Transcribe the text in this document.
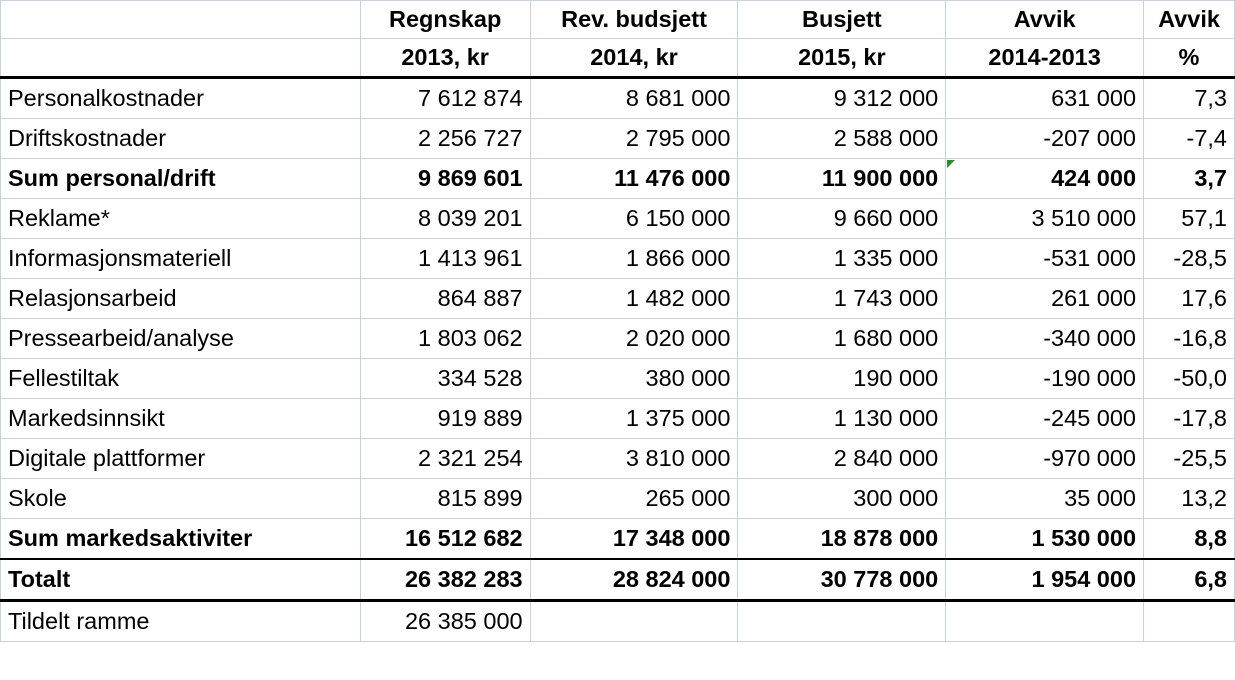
	Regnskap	Rev. budsjett	Busjett	Avvik	Avvik
	2013, kr	2014, kr	2015, kr	2014-2013	%
Personalkostnader	7 612 874	8 681 000	9 312 000	631 000	7,3
Driftskostnader	2 256 727	2 795 000	2 588 000	-207 000	-7,4
Sum personal/drift	9 869 601	11 476 000	11 900 000	424 000	3,7
Reklame*	8 039 201	6 150 000	9 660 000	3 510 000	57,1
Informasjonsmateriell	1 413 961	1 866 000	1 335 000	-531 000	-28,5
Relasjonsarbeid	864 887	1 482 000	1 743 000	261 000	17,6
Pressearbeid/analyse	1 803 062	2 020 000	1 680 000	-340 000	-16,8
Fellestiltak	334 528	380 000	190 000	-190 000	-50,0
Markedsinnsikt	919 889	1 375 000	1 130 000	-245 000	-17,8
Digitale plattformer	2 321 254	3 810 000	2 840 000	-970 000	-25,5
Skole	815 899	265 000	300 000	35 000	13,2
Sum markedsaktiviter	16 512 682	17 348 000	18 878 000	1 530 000	8,8
Totalt	26 382 283	28 824 000	30 778 000	1 954 000	6,8
Tildelt ramme	26 385 000				
